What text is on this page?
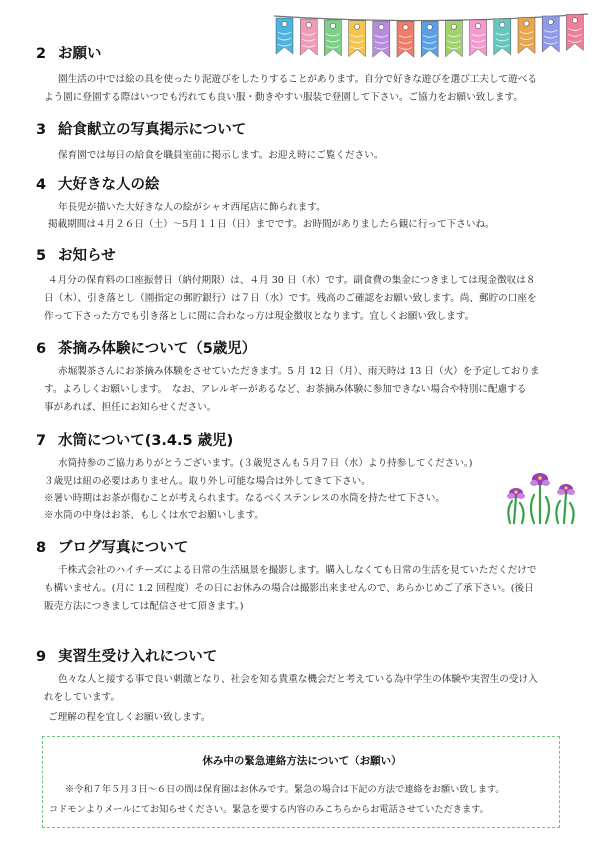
2 お願い

園生活の中では絵の具を使ったり泥遊びをしたりすることがあります。自分で好きな遊びを選び工夫して遊べる

よう園に登園する際はいつでも汚れても良い服・動きやすい服装で登園して下さい。ご協力をお願い致します。

3 給食献立の写真掲示について

保育園では毎日の給食を職員室前に掲示します。お迎え時にご覧ください。

4 大好きな人の絵

年長児が描いた大好きな人の絵がシャオ西尾店に飾られます。

掲載期間は４月２６日（土）～5月１１日（日）までです。お時間がありましたら観に行って下さいね。

5 お知らせ

４月分の保育料の口座振替日（納付期限）は、４月 30 日（水）です。副食費の集金につきましては現金徴収は８

日（木）、引き落とし（園指定の郵貯銀行）は７日（水）です。残高のご確認をお願い致します。尚、郵貯の口座を

作って下さった方でも引き落としに間に合わなっ方は現金徴収となります。宜しくお願い致します。

6 茶摘み体験について（5歳児）

赤堀製茶さんにお茶摘み体験をさせていただきます。5 月 12 日（月）、雨天時は 13 日（火）を予定しておりま

す。よろしくお願いします。　なお、アレルギーがあるなど、お茶摘み体験に参加できない場合や特別に配慮する

事があれば、担任にお知らせください。

7 水筒について(3.4.5 歳児)

水筒持参のご協力ありがとうございます。(３歳児さんも５月７日（水）より持参してください。)

３歳児は紐の必要はありません。取り外し可能な場合は外してきて下さい。

※暑い時期はお茶が傷むことが考えられます。なるべくステンレスの水筒を持たせて下さい。

※水筒の中身はお茶、もしくは水でお願いします。

8 ブログ写真について

千株式会社のハイチーズによる日常の生活風景を撮影します。購入しなくても日常の生活を見ていただくだけで

も構いません。(月に 1.2 回程度）その日にお休みの場合は撮影出来ませんので、あらかじめご了承下さい。(後日

販売方法につきましては配信させて頂きます。)

9 実習生受け入れについて

色々な人と接する事で良い刺激となり、社会を知る貴重な機会だと考えている為中学生の体験や実習生の受け入

れをしています。

ご理解の程を宜しくお願い致します。

休み中の緊急連絡方法について（お願い）

※令和７年５月３日～６日の間は保育園はお休みです。緊急の場合は下記の方法で連絡をお願い致します。

コドモンよりメールにてお知らせください。緊急を要する内容のみこちらからお電話させていただきます。
